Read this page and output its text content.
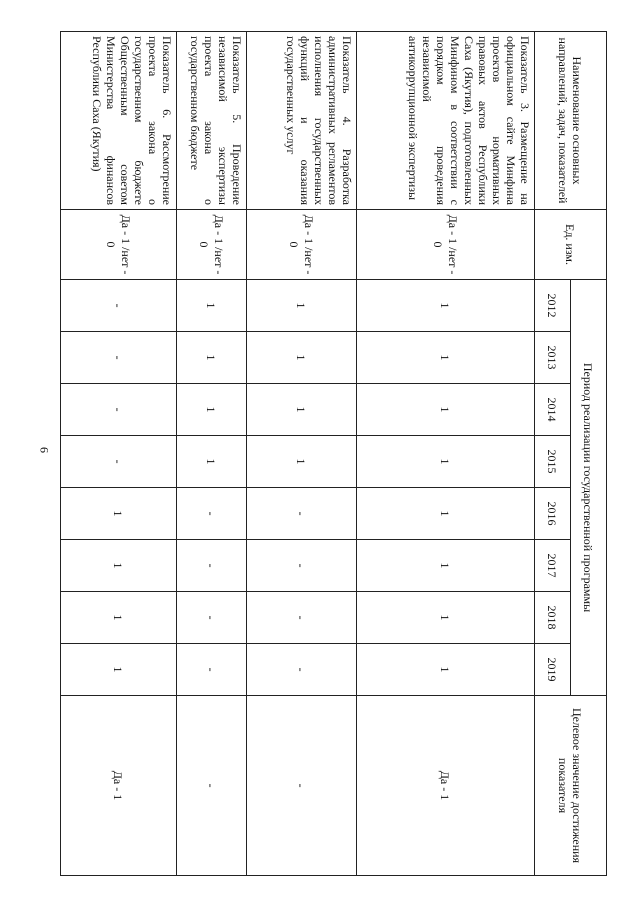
9
Наименование основных направлений, задач, показателей	Ед. изм.	Период реализации государственной программы								Целевое значение достижения показателя
		2012	2013	2014	2015	2016	2017	2018	2019	
Показатель 3. Размещение на официальном сайте Минфина проектов нормативных правовых актов Республики Саха (Якутия), подготовленных Минфином в соответствии с порядком проведения независимой антикоррупционной экспертизы	Да - 1 /нет - 0	1	1	1	1	1	1	1	1	Да - 1
Показатель 4. Разработка административных регламентов исполнения государственных функций и оказания государственных услуг	Да - 1 /нет - 0	1	1	1	1	-	-	-	-	-
Показатель 5. Проведение независимой экспертизы проекта закона о государственном бюджете	Да - 1 /нет - 0	1	1	1	1	-	-	-	-	-
Показатель 6. Рассмотрение проекта закона о государственном бюджете Общественным советом Министерства финансов Республики Саха (Якутия)	Да - 1 /нет - 0	-	-	-	-	1	1	1	1	Да - 1
